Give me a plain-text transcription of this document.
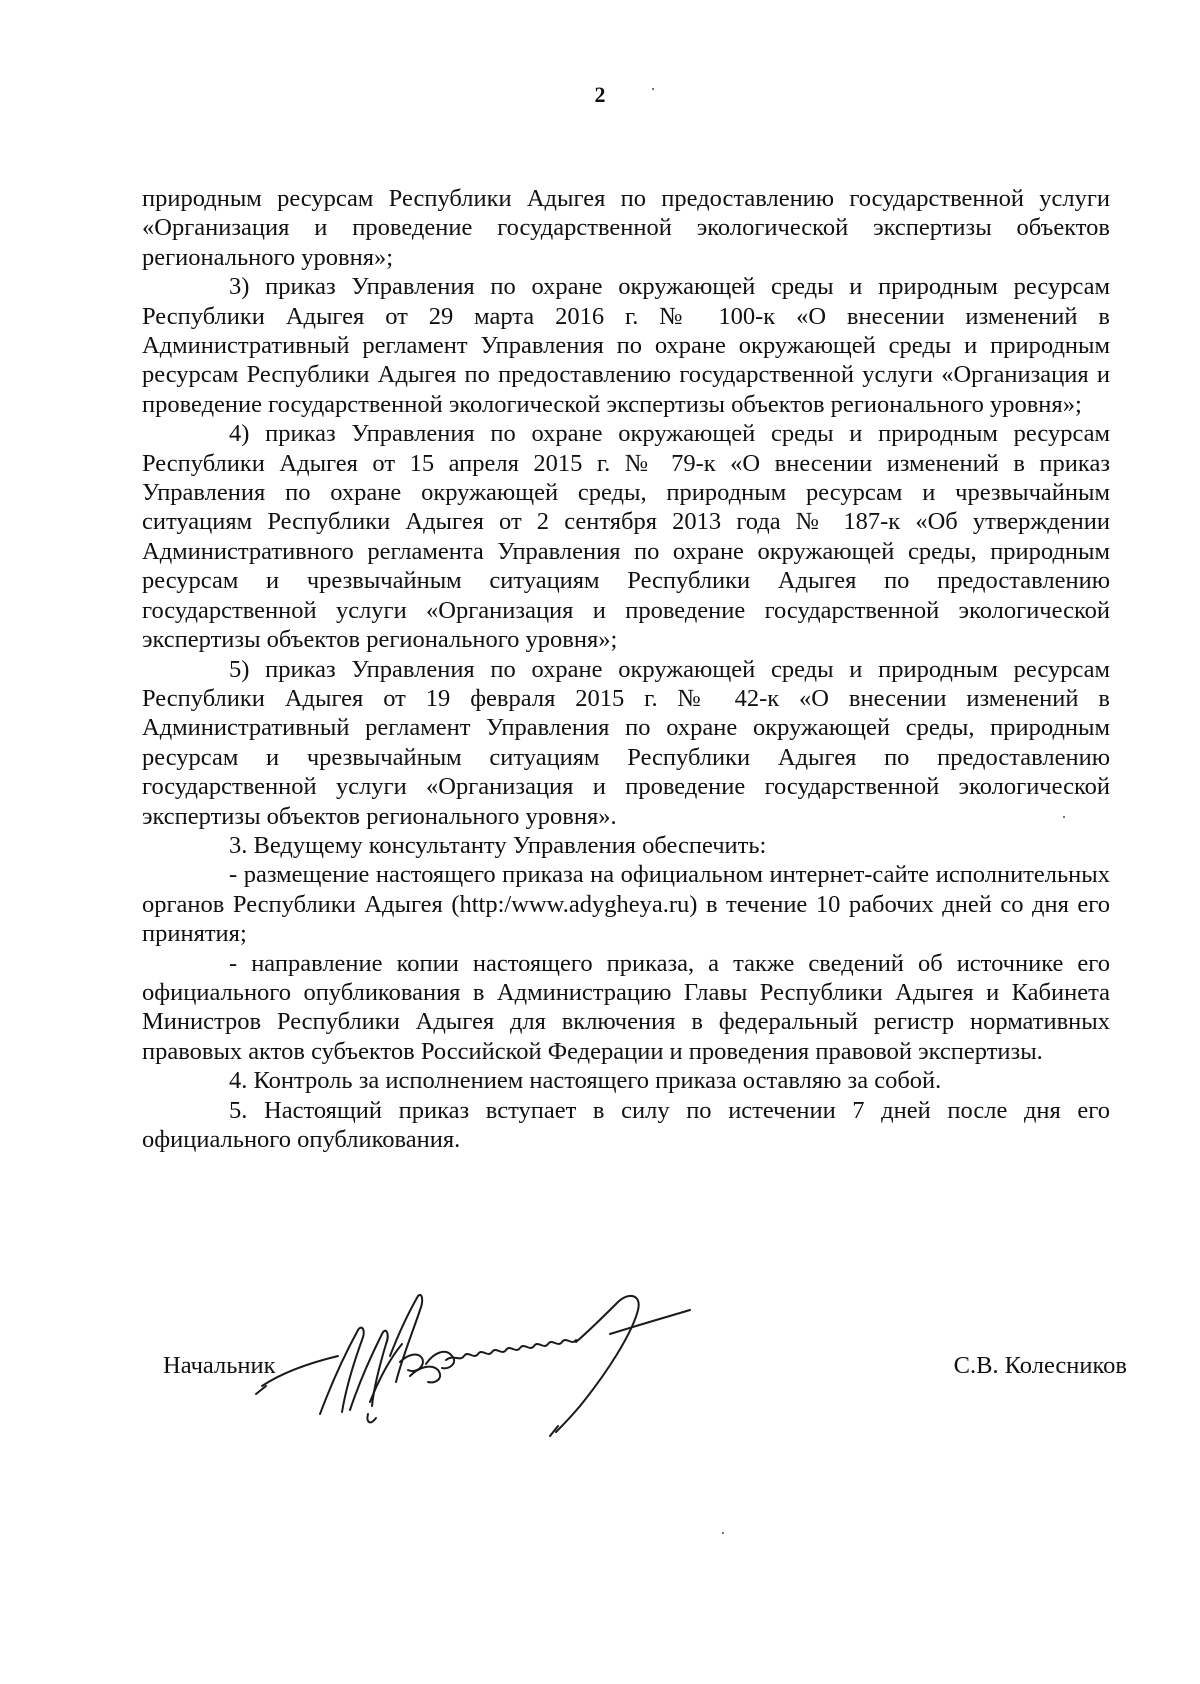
2

природным ресурсам Республики Адыгея по предоставлению государственной услуги «Организация и проведение государственной экологической экспертизы объектов регионального уровня»;

3) приказ Управления по охране окружающей среды и природным ресурсам Республики Адыгея от 29 марта 2016 г. № 100-к «О внесении изменений в Административный регламент Управления по охране окружающей среды и природным ресурсам Республики Адыгея по предоставлению государственной услуги «Организация и проведение государственной экологической экспертизы объектов регионального уровня»;

4) приказ Управления по охране окружающей среды и природным ресурсам Республики Адыгея от 15 апреля 2015 г. № 79-к «О внесении изменений в приказ Управления по охране окружающей среды, природным ресурсам и чрезвычайным ситуациям Республики Адыгея от 2 сентября 2013 года № 187-к «Об утверждении Административного регламента Управления по охране окружающей среды, природным ресурсам и чрезвычайным ситуациям Республики Адыгея по предоставлению государственной услуги «Организация и проведение государственной экологической экспертизы объектов регионального уровня»;

5) приказ Управления по охране окружающей среды и природным ресурсам Республики Адыгея от 19 февраля 2015 г. № 42-к «О внесении изменений в Административный регламент Управления по охране окружающей среды, природным ресурсам и чрезвычайным ситуациям Республики Адыгея по предоставлению государственной услуги «Организация и проведение государственной экологической экспертизы объектов регионального уровня».

3. Ведущему консультанту Управления обеспечить:

- размещение настоящего приказа на официальном интернет-сайте исполнительных органов Республики Адыгея (http:/www.adygheya.ru) в течение 10 рабочих дней со дня его принятия;

- направление копии настоящего приказа, а также сведений об источнике его официального опубликования в Администрацию Главы Республики Адыгея и Кабинета Министров Республики Адыгея для включения в федеральный регистр нормативных правовых актов субъектов Российской Федерации и проведения правовой экспертизы.

4. Контроль за исполнением настоящего приказа оставляю за собой.

5. Настоящий приказ вступает в силу по истечении 7 дней после дня его официального опубликования.

Начальник	С.В. Колесников
